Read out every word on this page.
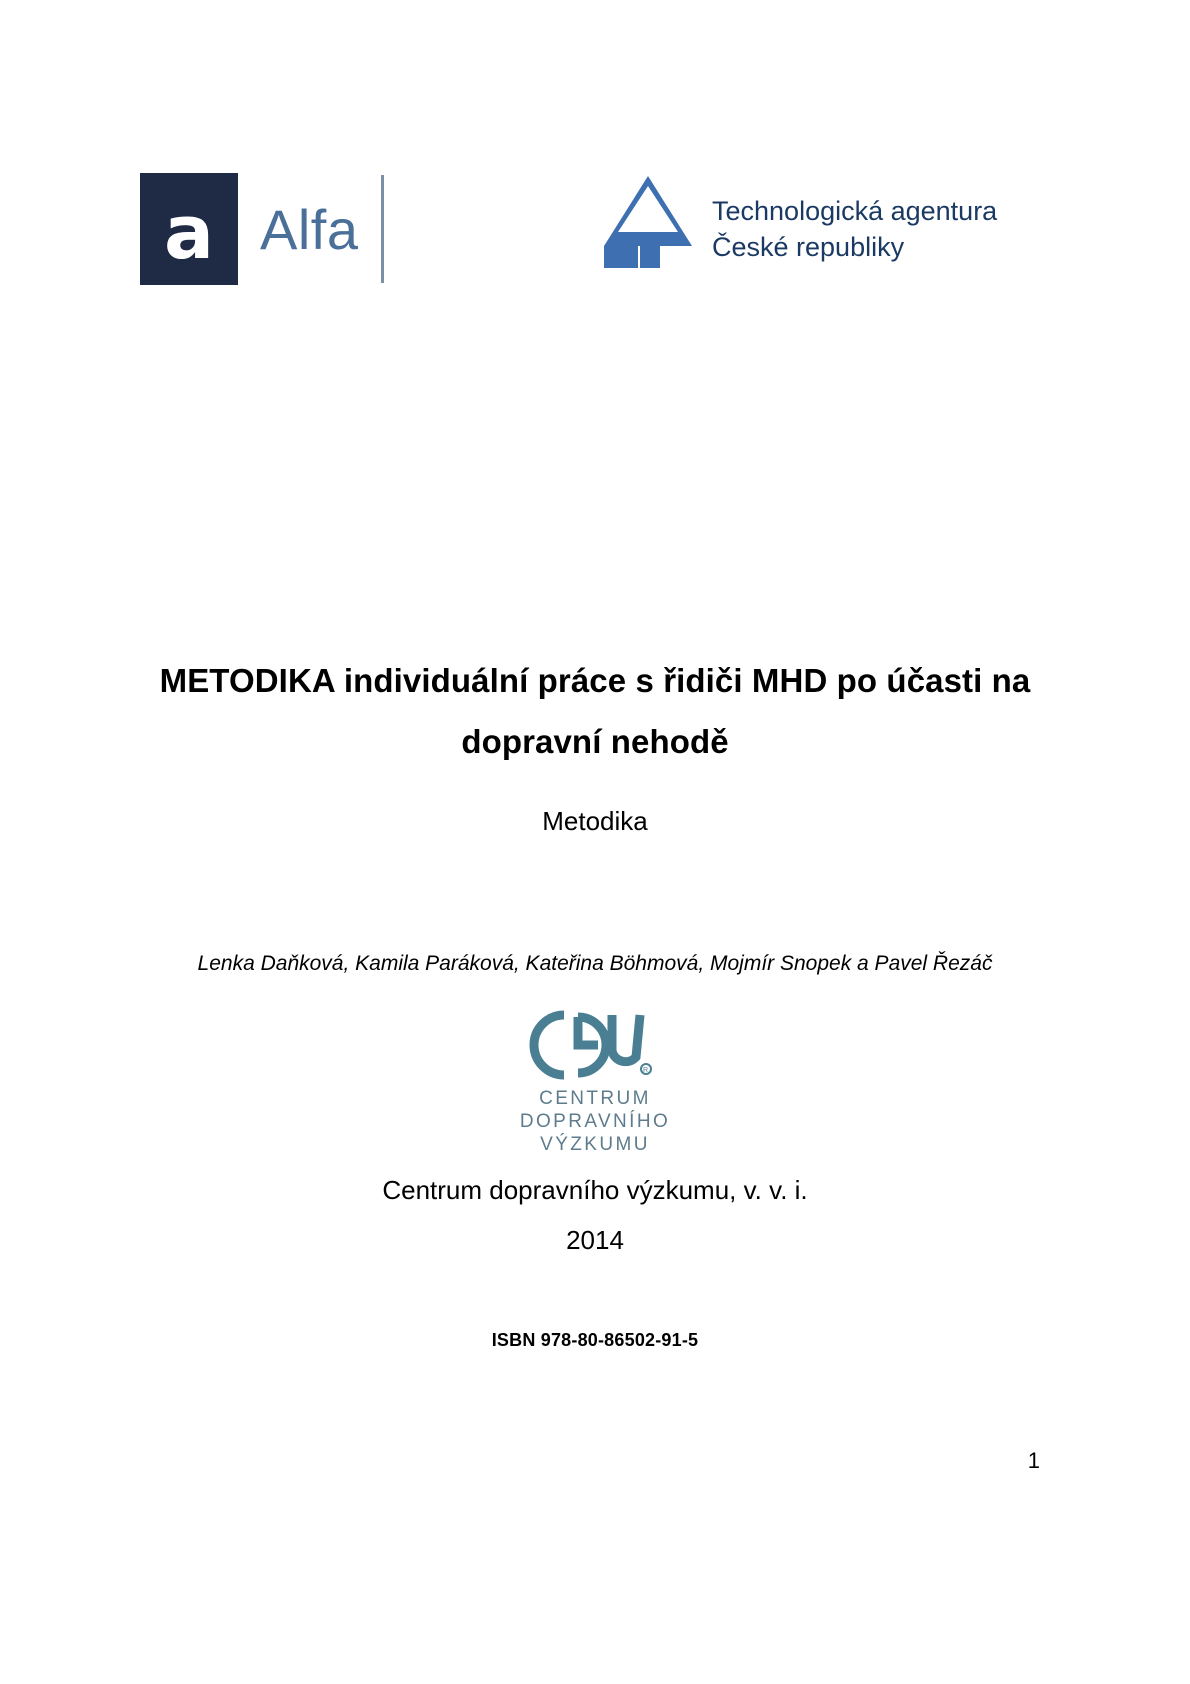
a Alfa	Technologická agentura
České republiky
METODIKA individuální práce s řidiči MHD po účasti na dopravní nehodě
Metodika
Lenka Daňková, Kamila Paráková, Kateřina Böhmová, Mojmír Snopek a Pavel Řezáč
R
CENTRUM
DOPRAVNÍHO
VÝZKUMU
Centrum dopravního výzkumu, v. v. i.
2014
ISBN 978-80-86502-91-5
1
